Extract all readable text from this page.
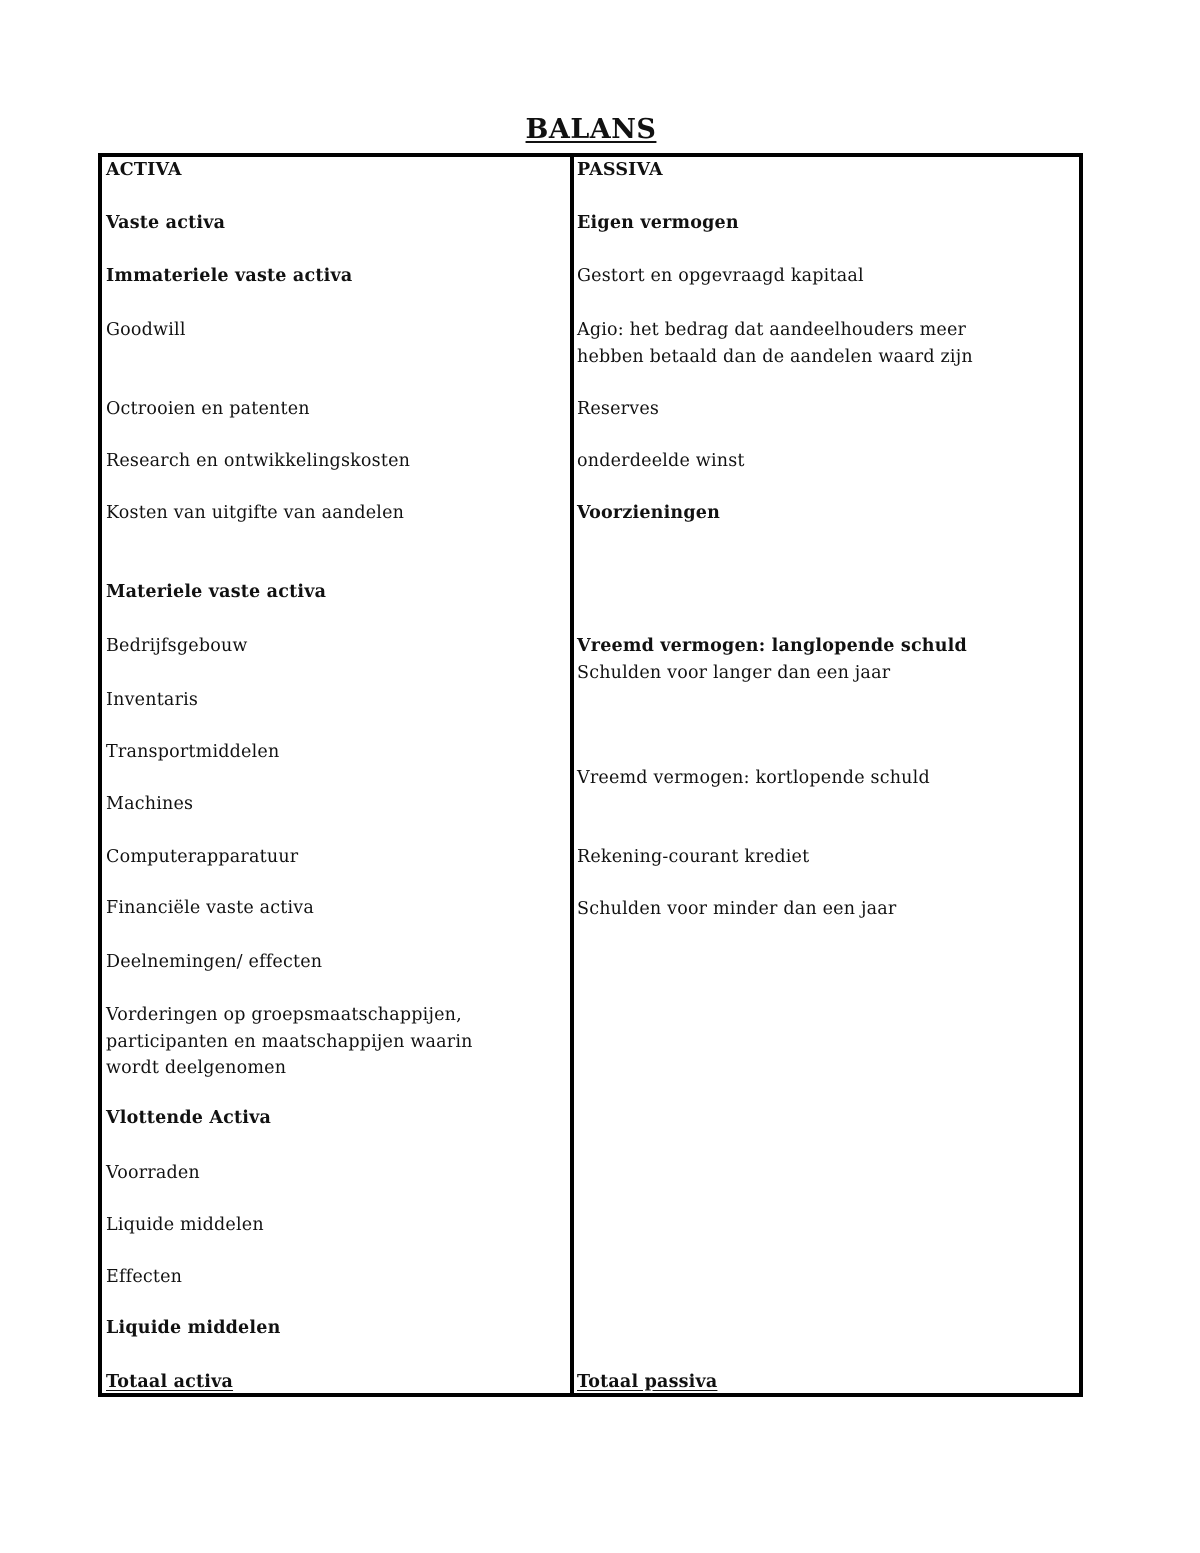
BALANS
ACTIVA
Vaste activa
Immateriele vaste activa
Goodwill
Octrooien en patenten
Research en ontwikkelingskosten
Kosten van uitgifte van aandelen
Materiele vaste activa
Bedrijfsgebouw
Inventaris
Transportmiddelen
Machines
Computerapparatuur
Financiële vaste activa
Deelnemingen/ effecten
Vorderingen op groepsmaatschappijen,
participanten en maatschappijen waarin
wordt deelgenomen
Vlottende Activa
Voorraden
Liquide middelen
Effecten
Liquide middelen
Totaal activa
PASSIVA
Eigen vermogen
Gestort en opgevraagd kapitaal
Agio: het bedrag dat aandeelhouders meer
hebben betaald dan de aandelen waard zijn
Reserves
onderdeelde winst
Voorzieningen
Vreemd vermogen: langlopende schuld
Schulden voor langer dan een jaar
Vreemd vermogen: kortlopende schuld
Rekening-courant krediet
Schulden voor minder dan een jaar
Totaal passiva
